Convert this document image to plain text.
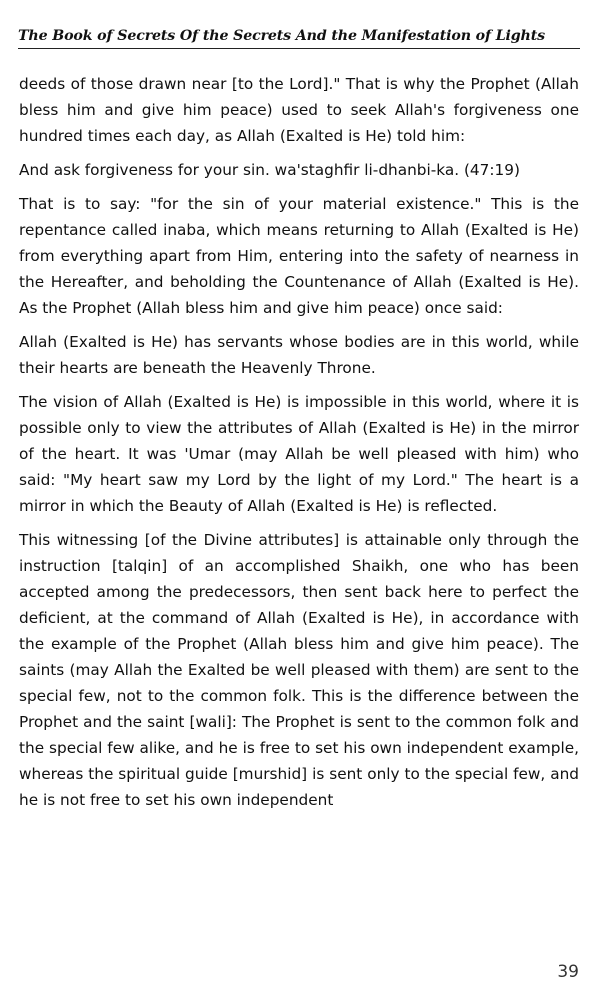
The Book of Secrets Of the Secrets And the Manifestation of Lights

deeds of those drawn near [to the Lord]." That is why the Prophet (Allah bless him and give him peace) used to seek Allah's forgiveness one hundred times each day, as Allah (Exalted is He) told him:

And ask forgiveness for your sin. wa'staghfir li-dhanbi-ka. (47:19)

That is to say: "for the sin of your material existence." This is the repentance called inaba, which means returning to Allah (Exalted is He) from everything apart from Him, entering into the safety of nearness in the Hereafter, and beholding the Countenance of Allah (Exalted is He). As the Prophet (Allah bless him and give him peace) once said:

Allah (Exalted is He) has servants whose bodies are in this world, while their hearts are beneath the Heavenly Throne.

The vision of Allah (Exalted is He) is impossible in this world, where it is possible only to view the attributes of Allah (Exalted is He) in the mirror of the heart. It was 'Umar (may Allah be well pleased with him) who said: "My heart saw my Lord by the light of my Lord." The heart is a mirror in which the Beauty of Allah (Exalted is He) is reflected.

This witnessing [of the Divine attributes] is attainable only through the instruction [talqin] of an accomplished Shaikh, one who has been accepted among the predecessors, then sent back here to perfect the deficient, at the command of Allah (Exalted is He), in accordance with the example of the Prophet (Allah bless him and give him peace). The saints (may Allah the Exalted be well pleased with them) are sent to the special few, not to the common folk. This is the difference between the Prophet and the saint [wali]: The Prophet is sent to the common folk and the special few alike, and he is free to set his own independent example, whereas the spiritual guide [murshid] is sent only to the special few, and he is not free to set his own independent

39
